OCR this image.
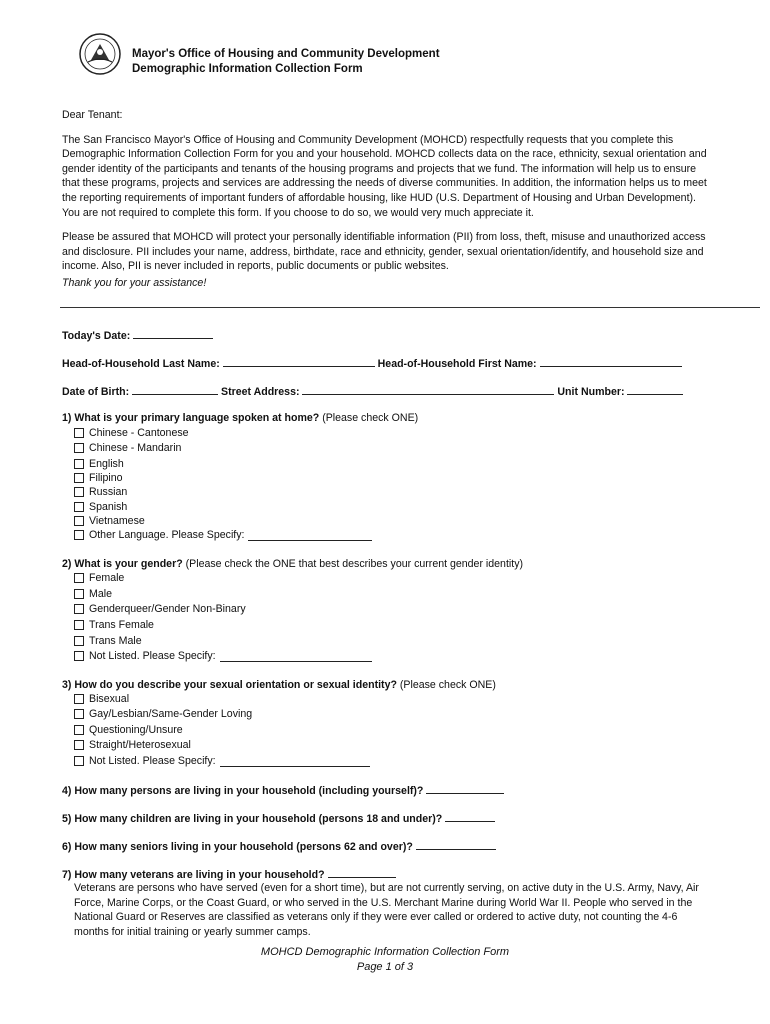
Mayor's Office of Housing and Community Development
Demographic Information Collection Form
Dear Tenant:
The San Francisco Mayor's Office of Housing and Community Development (MOHCD) respectfully requests that you complete this Demographic Information Collection Form for you and your household. MOHCD collects data on the race, ethnicity, sexual orientation and gender identity of the participants and tenants of the housing programs and projects that we fund. The information will help us to ensure that these programs, projects and services are addressing the needs of diverse communities. In addition, the information helps us to meet the reporting requirements of important funders of affordable housing, like HUD (U.S. Department of Housing and Urban Development). You are not required to complete this form. If you choose to do so, we would very much appreciate it.
Please be assured that MOHCD will protect your personally identifiable information (PII) from loss, theft, misuse and unauthorized access and disclosure. PII includes your name, address, birthdate, race and ethnicity, gender, sexual orientation/identify, and household size and income. Also, PII is never included in reports, public documents or public websites.
Thank you for your assistance!
Today's Date:
Head-of-Household Last Name:	Head-of-Household First Name:
Date of Birth:	Street Address:	Unit Number:
1) What is your primary language spoken at home? (Please check ONE)
Chinese - Cantonese
Chinese - Mandarin
English
Filipino
Russian
Spanish
Vietnamese
Other Language. Please Specify:
2) What is your gender? (Please check the ONE that best describes your current gender identity)
Female
Male
Genderqueer/Gender Non-Binary
Trans Female
Trans Male
Not Listed. Please Specify:
3) How do you describe your sexual orientation or sexual identity? (Please check ONE)
Bisexual
Gay/Lesbian/Same-Gender Loving
Questioning/Unsure
Straight/Heterosexual
Not Listed. Please Specify:
4) How many persons are living in your household (including yourself)?
5) How many children are living in your household (persons 18 and under)?
6) How many seniors living in your household (persons 62 and over)?
7) How many veterans are living in your household?
Veterans are persons who have served (even for a short time), but are not currently serving, on active duty in the U.S. Army, Navy, Air Force, Marine Corps, or the Coast Guard, or who served in the U.S. Merchant Marine during World War II. People who served in the National Guard or Reserves are classified as veterans only if they were ever called or ordered to active duty, not counting the 4-6 months for initial training or yearly summer camps.
MOHCD Demographic Information Collection Form
Page 1 of 3
